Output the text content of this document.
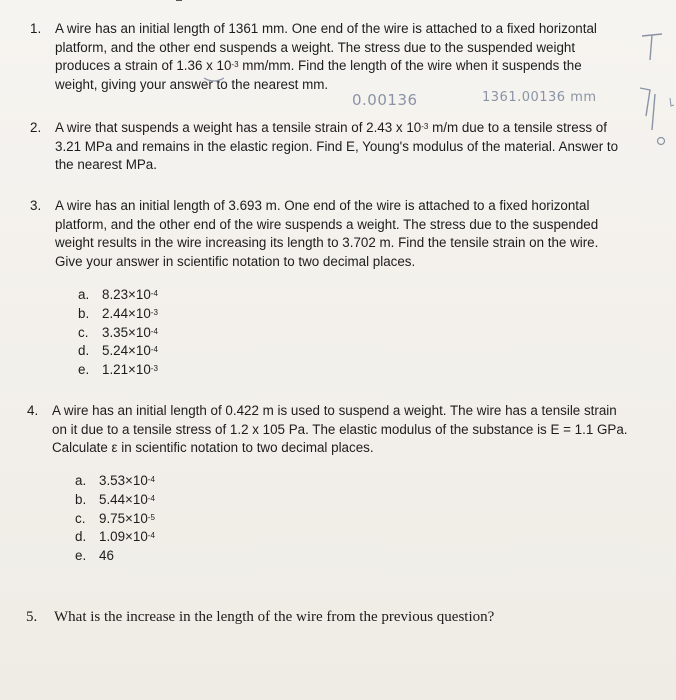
1. A wire has an initial length of 1361 mm. One end of the wire is attached to a fixed horizontal
platform, and the other end suspends a weight. The stress due to the suspended weight
produces a strain of 1.36 x $10^{-3}$ mm/mm. Find the length of the wire when it suspends the
weight, giving your answer to the nearest mm.
0.00136	1361.00136 mm
2. A wire that suspends a weight has a tensile strain of 2.43 x $10^{-3}$ m/m due to a tensile stress of
3.21 MPa and remains in the elastic region. Find E, Young's modulus of the material. Answer to
the nearest MPa.
3. A wire has an initial length of 3.693 m. One end of the wire is attached to a fixed horizontal
platform, and the other end of the wire suspends a weight. The stress due to the suspended
weight results in the wire increasing its length to 3.702 m. Find the tensile strain on the wire.
Give your answer in scientific notation to two decimal places.
a. $8.23\times 10^{-4}$
b. $2.44\times 10^{-3}$
c. $3.35\times 10^{-4}$
d. $5.24\times 10^{-4}$
e. $1.21\times 10^{-3}$
4. A wire has an initial length of 0.422 m is used to suspend a weight. The wire has a tensile strain
on it due to a tensile stress of 1.2 x 105 Pa. The elastic modulus of the substance is E = 1.1 GPa.
Calculate ε in scientific notation to two decimal places.
a. $3.53\times 10^{-4}$
b. $5.44\times 10^{-4}$
c. $9.75\times 10^{-5}$
d. $1.09\times 10^{-4}$
e. 46
5. What is the increase in the length of the wire from the previous question?
